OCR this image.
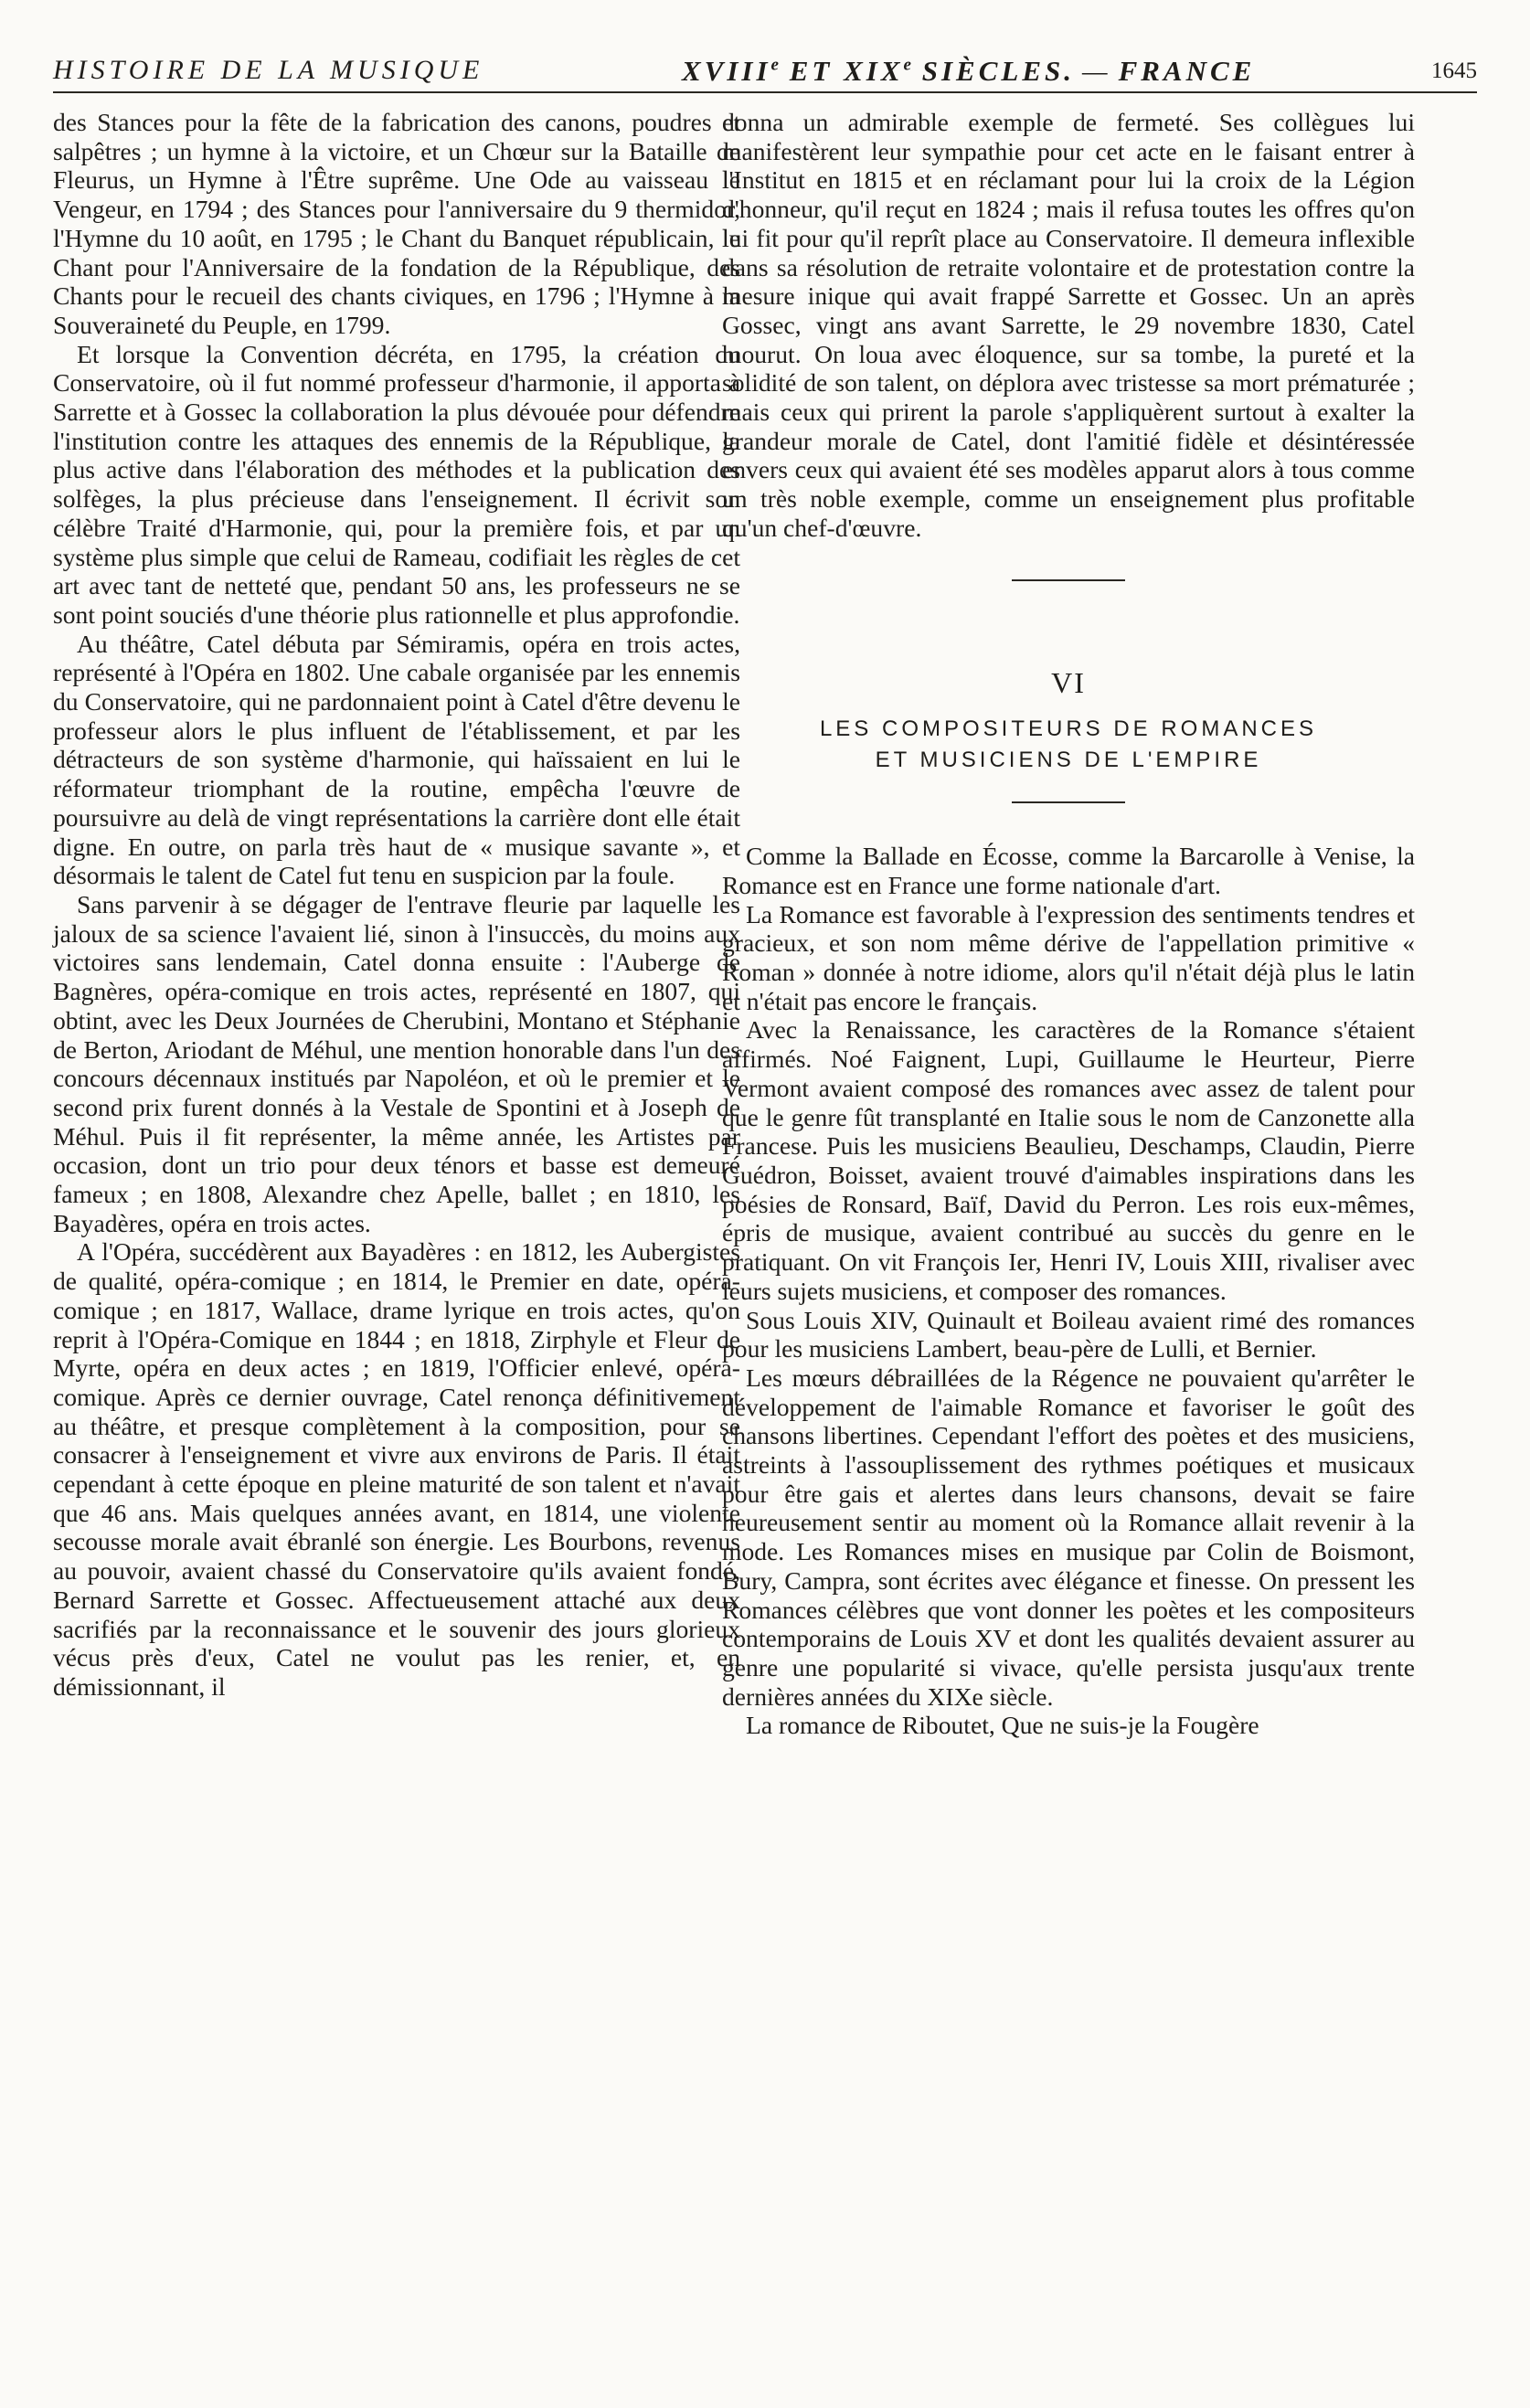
HISTOIRE DE LA MUSIQUE	XVIIIe ET XIXe SIÈCLES. — FRANCE	1645

des Stances pour la fête de la fabrication des canons, poudres et salpêtres ; un hymne à la victoire, et un Chœur sur la Bataille de Fleurus, un Hymne à l'Être suprême. Une Ode au vaisseau le Vengeur, en 1794 ; des Stances pour l'anniversaire du 9 thermidor, l'Hymne du 10 août, en 1795 ; le Chant du Banquet républicain, le Chant pour l'Anniversaire de la fondation de la République, des Chants pour le recueil des chants civiques, en 1796 ; l'Hymne à la Souveraineté du Peuple, en 1799.

Et lorsque la Convention décréta, en 1795, la création du Conservatoire, où il fut nommé professeur d'harmonie, il apporta à Sarrette et à Gossec la collaboration la plus dévouée pour défendre l'institution contre les attaques des ennemis de la République, la plus active dans l'élaboration des méthodes et la publication des solfèges, la plus précieuse dans l'enseignement. Il écrivit son célèbre Traité d'Harmonie, qui, pour la première fois, et par un système plus simple que celui de Rameau, codifiait les règles de cet art avec tant de netteté que, pendant 50 ans, les professeurs ne se sont point souciés d'une théorie plus rationnelle et plus approfondie.

Au théâtre, Catel débuta par Sémiramis, opéra en trois actes, représenté à l'Opéra en 1802. Une cabale organisée par les ennemis du Conservatoire, qui ne pardonnaient point à Catel d'être devenu le professeur alors le plus influent de l'établissement, et par les détracteurs de son système d'harmonie, qui haïssaient en lui le réformateur triomphant de la routine, empêcha l'œuvre de poursuivre au delà de vingt représentations la carrière dont elle était digne. En outre, on parla très haut de « musique savante », et désormais le talent de Catel fut tenu en suspicion par la foule.

Sans parvenir à se dégager de l'entrave fleurie par laquelle les jaloux de sa science l'avaient lié, sinon à l'insuccès, du moins aux victoires sans lendemain, Catel donna ensuite : l'Auberge de Bagnères, opéra-comique en trois actes, représenté en 1807, qui obtint, avec les Deux Journées de Cherubini, Montano et Stéphanie de Berton, Ariodant de Méhul, une mention honorable dans l'un des concours décennaux institués par Napoléon, et où le premier et le second prix furent donnés à la Vestale de Spontini et à Joseph de Méhul. Puis il fit représenter, la même année, les Artistes par occasion, dont un trio pour deux ténors et basse est demeuré fameux ; en 1808, Alexandre chez Apelle, ballet ; en 1810, les Bayadères, opéra en trois actes.

A l'Opéra, succédèrent aux Bayadères : en 1812, les Aubergistes de qualité, opéra-comique ; en 1814, le Premier en date, opéra-comique ; en 1817, Wallace, drame lyrique en trois actes, qu'on reprit à l'Opéra-Comique en 1844 ; en 1818, Zirphyle et Fleur de Myrte, opéra en deux actes ; en 1819, l'Officier enlevé, opéra-comique. Après ce dernier ouvrage, Catel renonça définitivement au théâtre, et presque complètement à la composition, pour se consacrer à l'enseignement et vivre aux environs de Paris. Il était cependant à cette époque en pleine maturité de son talent et n'avait que 46 ans. Mais quelques années avant, en 1814, une violente secousse morale avait ébranlé son énergie. Les Bourbons, revenus au pouvoir, avaient chassé du Conservatoire qu'ils avaient fondé, Bernard Sarrette et Gossec. Affectueusement attaché aux deux sacrifiés par la reconnaissance et le souvenir des jours glorieux vécus près d'eux, Catel ne voulut pas les renier, et, en démissionnant, il

donna un admirable exemple de fermeté. Ses collègues lui manifestèrent leur sympathie pour cet acte en le faisant entrer à l'Institut en 1815 et en réclamant pour lui la croix de la Légion d'honneur, qu'il reçut en 1824 ; mais il refusa toutes les offres qu'on lui fit pour qu'il reprît place au Conservatoire. Il demeura inflexible dans sa résolution de retraite volontaire et de protestation contre la mesure inique qui avait frappé Sarrette et Gossec. Un an après Gossec, vingt ans avant Sarrette, le 29 novembre 1830, Catel mourut. On loua avec éloquence, sur sa tombe, la pureté et la solidité de son talent, on déplora avec tristesse sa mort prématurée ; mais ceux qui prirent la parole s'appliquèrent surtout à exalter la grandeur morale de Catel, dont l'amitié fidèle et désintéressée envers ceux qui avaient été ses modèles apparut alors à tous comme un très noble exemple, comme un enseignement plus profitable qu'un chef-d'œuvre.

VI

LES COMPOSITEURS DE ROMANCES

ET MUSICIENS DE L'EMPIRE

Comme la Ballade en Écosse, comme la Barcarolle à Venise, la Romance est en France une forme nationale d'art.

La Romance est favorable à l'expression des sentiments tendres et gracieux, et son nom même dérive de l'appellation primitive « Roman » donnée à notre idiome, alors qu'il n'était déjà plus le latin et n'était pas encore le français.

Avec la Renaissance, les caractères de la Romance s'étaient affirmés. Noé Faignent, Lupi, Guillaume le Heurteur, Pierre Vermont avaient composé des romances avec assez de talent pour que le genre fût transplanté en Italie sous le nom de Canzonette alla Francese. Puis les musiciens Beaulieu, Deschamps, Claudin, Pierre Guédron, Boisset, avaient trouvé d'aimables inspirations dans les poésies de Ronsard, Baïf, David du Perron. Les rois eux-mêmes, épris de musique, avaient contribué au succès du genre en le pratiquant. On vit François Ier, Henri IV, Louis XIII, rivaliser avec leurs sujets musiciens, et composer des romances.

Sous Louis XIV, Quinault et Boileau avaient rimé des romances pour les musiciens Lambert, beau-père de Lulli, et Bernier.

Les mœurs débraillées de la Régence ne pouvaient qu'arrêter le développement de l'aimable Romance et favoriser le goût des chansons libertines. Cependant l'effort des poètes et des musiciens, astreints à l'assouplissement des rythmes poétiques et musicaux pour être gais et alertes dans leurs chansons, devait se faire heureusement sentir au moment où la Romance allait revenir à la mode. Les Romances mises en musique par Colin de Boismont, Bury, Campra, sont écrites avec élégance et finesse. On pressent les Romances célèbres que vont donner les poètes et les compositeurs contemporains de Louis XV et dont les qualités devaient assurer au genre une popularité si vivace, qu'elle persista jusqu'aux trente dernières années du XIXe siècle.

La romance de Riboutet, Que ne suis-je la Fougère
